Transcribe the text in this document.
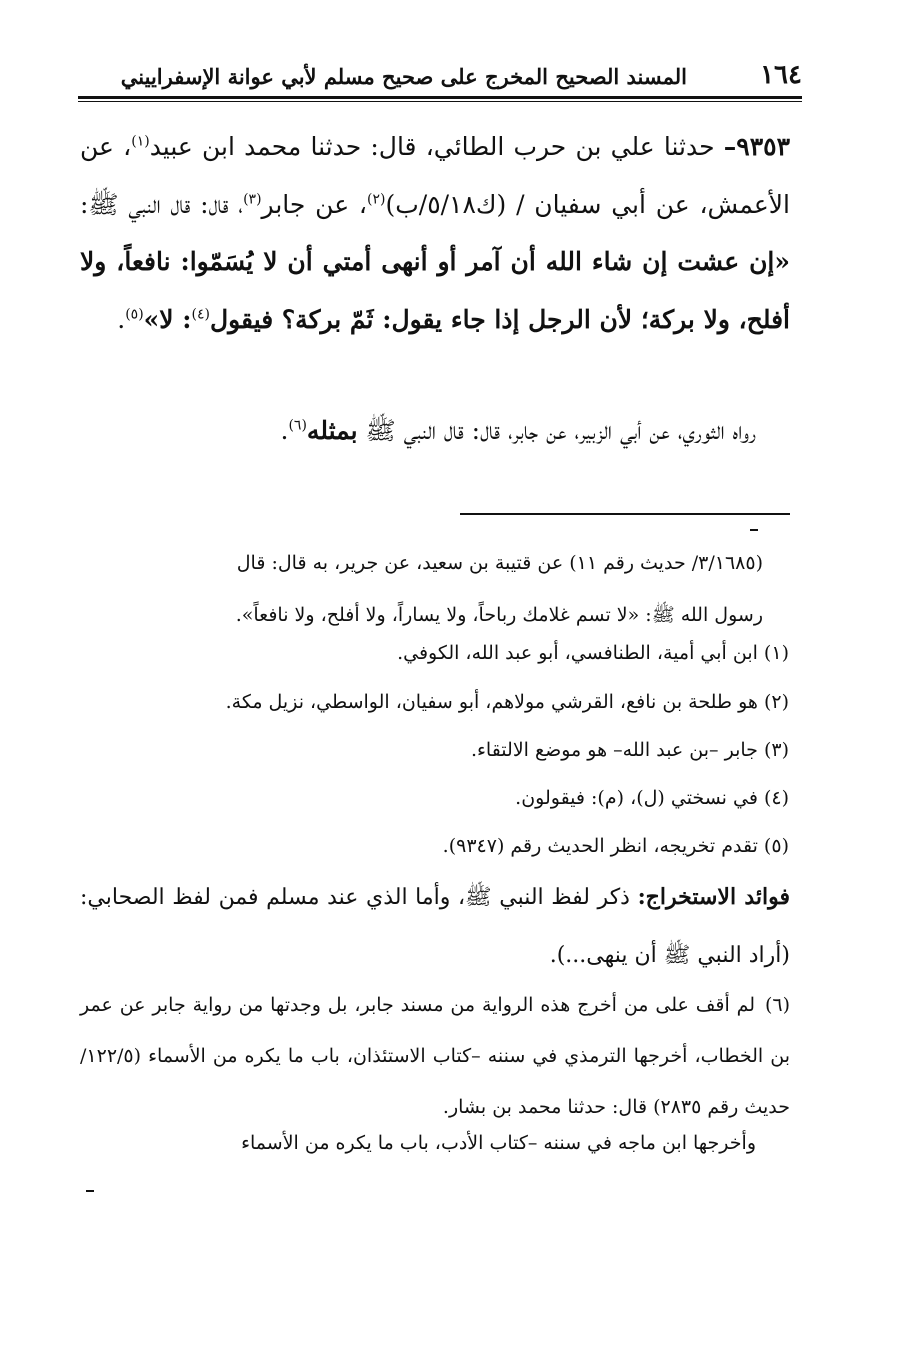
١٦٤
المسند الصحيح المخرج على صحيح مسلم لأبي عوانة الإسفراييني

٩٣٥٣– حدثنا علي بن حرب الطائي، قال: حدثنا محمد ابن عبيد$^{(١)}$، عن الأعمش، عن أبي سفيان / (ك٥/١٨/ب)$^{(٢)}$، عن جابر$^{(٣)}$، قال: قال النبي ﷺ: «إن عشت إن شاء الله أن آمر أو أنهى أمتي أن لا يُسَمّوا: نافعاً، ولا أفلح، ولا بركة؛ لأن الرجل إذا جاء يقول: ثَمّ بركة؟ فيقول$^{(٤)}$: لا»$^{(٥)}$.

رواه الثوري، عن أبي الزبير، عن جابر، قال: قال النبي ﷺ بمثله$^{(٦)}$.

(٣/١٦٨٥/ حديث رقم ١١) عن قتيبة بن سعيد، عن جرير، به قال: قال

رسول الله ﷺ: «لا تسم غلامك رباحاً، ولا يساراً، ولا أفلح، ولا نافعاً».

(١) ابن أبي أمية، الطنافسي، أبو عبد الله، الكوفي.
(٢) هو طلحة بن نافع، القرشي مولاهم، أبو سفيان، الواسطي، نزيل مكة.
(٣) جابر –بن عبد الله– هو موضع الالتقاء.
(٤) في نسختي (ل)، (م): فيقولون.
(٥) تقدم تخريجه، انظر الحديث رقم (٩٣٤٧).

فوائد الاستخراج: ذكر لفظ النبي ﷺ، وأما الذي عند مسلم فمن لفظ الصحابي: (أراد النبي ﷺ أن ينهى...).

(٦) لم أقف على من أخرج هذه الرواية من مسند جابر، بل وجدتها من رواية جابر عن عمر بن الخطاب، أخرجها الترمذي في سننه –كتاب الاستئذان، باب ما يكره من الأسماء (١٢٢/٥/ حديث رقم ٢٨٣٥) قال: حدثنا محمد بن بشار.

وأخرجها ابن ماجه في سننه –كتاب الأدب، باب ما يكره من الأسماء
